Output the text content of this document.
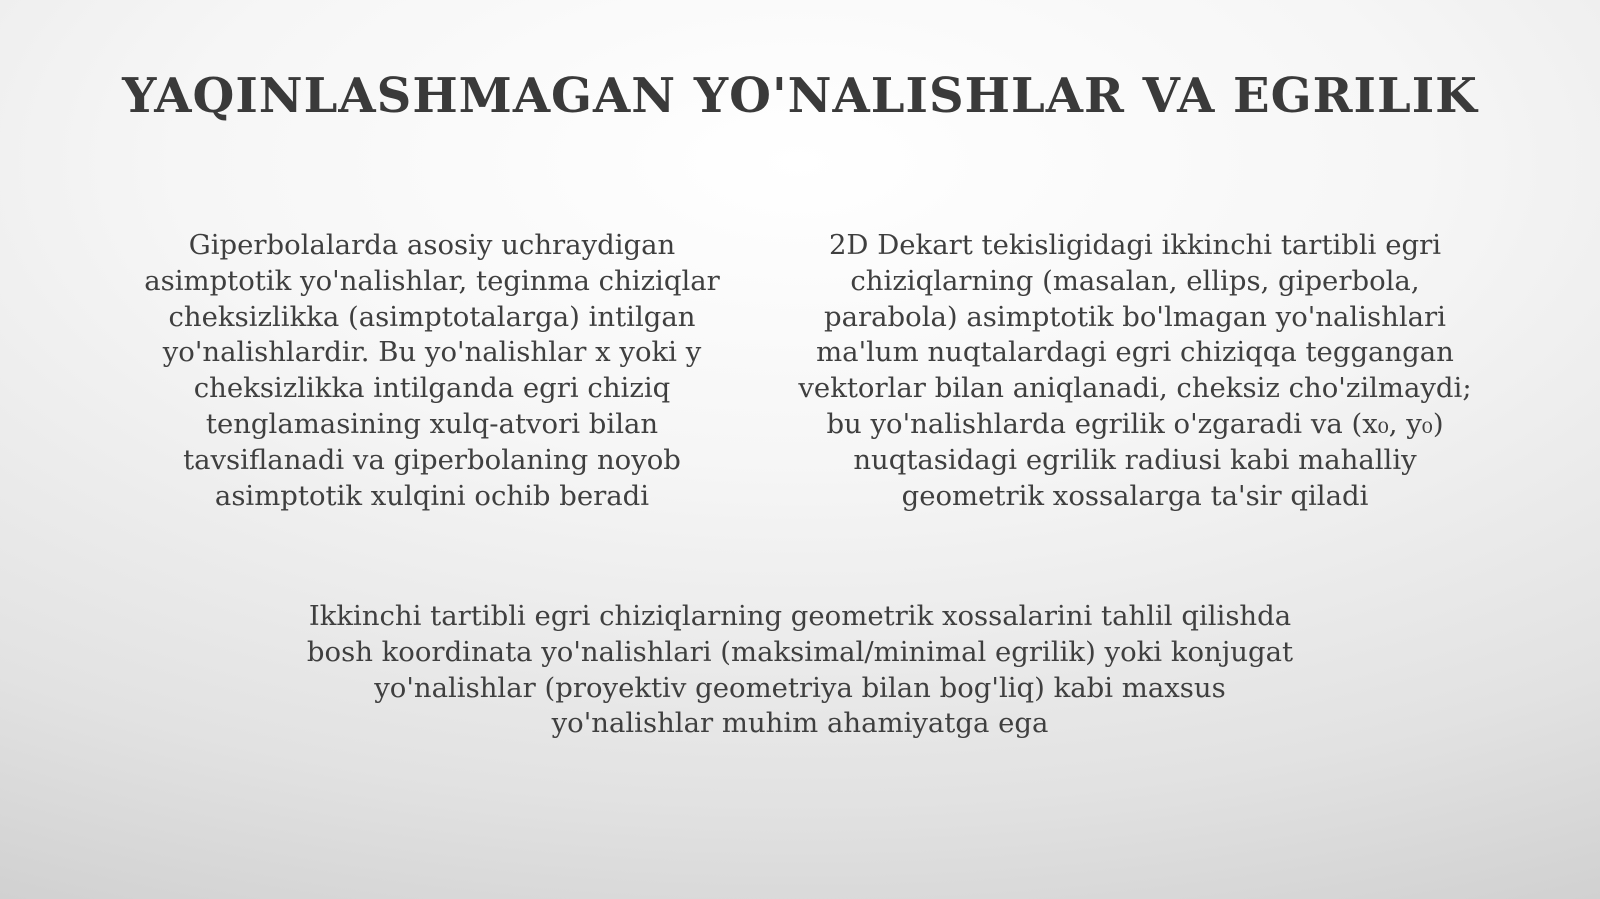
YAQINLASHMAGAN YO'NALISHLAR VA EGRILIK
Giperbolalarda asosiy uchraydigan
asimptotik yo'nalishlar, teginma chiziqlar
cheksizlikka (asimptotalarga) intilgan
yo'nalishlardir. Bu yo'nalishlar x yoki y
cheksizlikka intilganda egri chiziq
tenglamasining xulq-atvori bilan
tavsiflanadi va giperbolaning noyob
asimptotik xulqini ochib beradi
2D Dekart tekisligidagi ikkinchi tartibli egri
chiziqlarning (masalan, ellips, giperbola,
parabola) asimptotik bo'lmagan yo'nalishlari
ma'lum nuqtalardagi egri chiziqqa teggangan
vektorlar bilan aniqlanadi, cheksiz cho'zilmaydi;
bu yo'nalishlarda egrilik o'zgaradi va (x₀, y₀)
nuqtasidagi egrilik radiusi kabi mahalliy
geometrik xossalarga ta'sir qiladi
Ikkinchi tartibli egri chiziqlarning geometrik xossalarini tahlil qilishda
bosh koordinata yo'nalishlari (maksimal/minimal egrilik) yoki konjugat
yo'nalishlar (proyektiv geometriya bilan bog'liq) kabi maxsus
yo'nalishlar muhim ahamiyatga ega
